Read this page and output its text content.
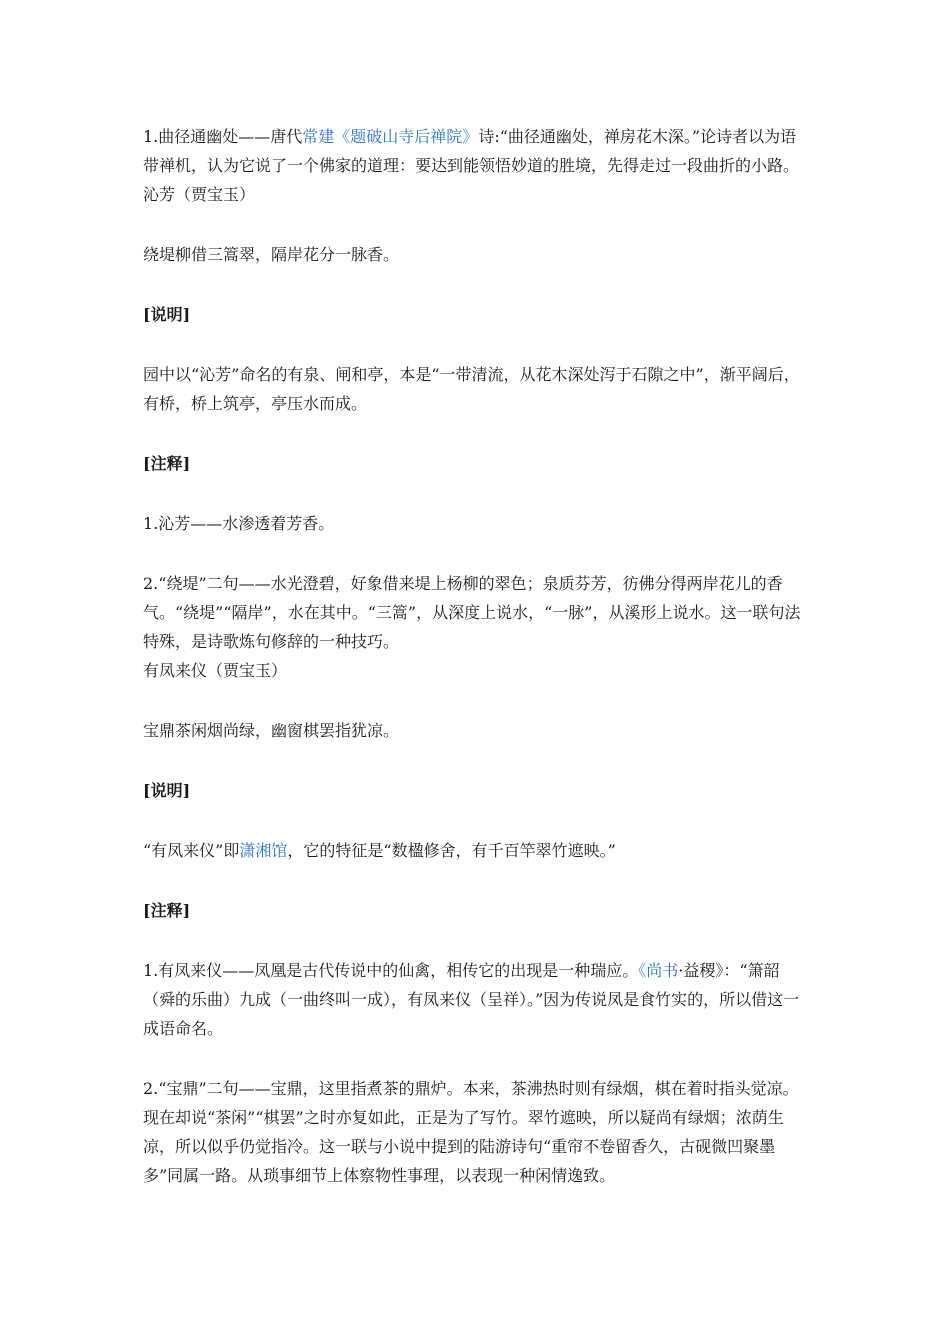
1.曲径通幽处——唐代常建《题破山寺后禅院》诗:“曲径通幽处，禅房花木深。”论诗者以为语带禅机，认为它说了一个佛家的道理：要达到能领悟妙道的胜境，先得走过一段曲折的小路。

沁芳（贾宝玉）

绕堤柳借三篙翠，隔岸花分一脉香。

[说明]

园中以“沁芳”命名的有泉、闸和亭，本是“一带清流，从花木深处泻于石隙之中”，渐平阔后，有桥，桥上筑亭，亭压水而成。

[注释]

1.沁芳——水渗透着芳香。

2.“绕堤”二句——水光澄碧，好象借来堤上杨柳的翠色；泉质芬芳，彷佛分得两岸花儿的香气。“绕堤”“隔岸”，水在其中。“三篙”，从深度上说水，“一脉”，从溪形上说水。这一联句法特殊，是诗歌炼句修辞的一种技巧。

有凤来仪（贾宝玉）

宝鼎茶闲烟尚绿，幽窗棋罢指犹凉。

[说明]

“有凤来仪”即潇湘馆，它的特征是“数楹修舍，有千百竿翠竹遮映。”

[注释]

1.有凤来仪——凤凰是古代传说中的仙禽，相传它的出现是一种瑞应。《尚书·益稷》：“箫韶（舜的乐曲）九成（一曲终叫一成），有凤来仪（呈祥）。”因为传说凤是食竹实的，所以借这一成语命名。

2.“宝鼎”二句——宝鼎，这里指煮茶的鼎炉。本来，茶沸热时则有绿烟，棋在着时指头觉凉。现在却说“茶闲”“棋罢”之时亦复如此，正是为了写竹。翠竹遮映，所以疑尚有绿烟；浓荫生凉，所以似乎仍觉指冷。这一联与小说中提到的陆游诗句“重帘不卷留香久，古砚微凹聚墨多”同属一路。从琐事细节上体察物性事理，以表现一种闲情逸致。
